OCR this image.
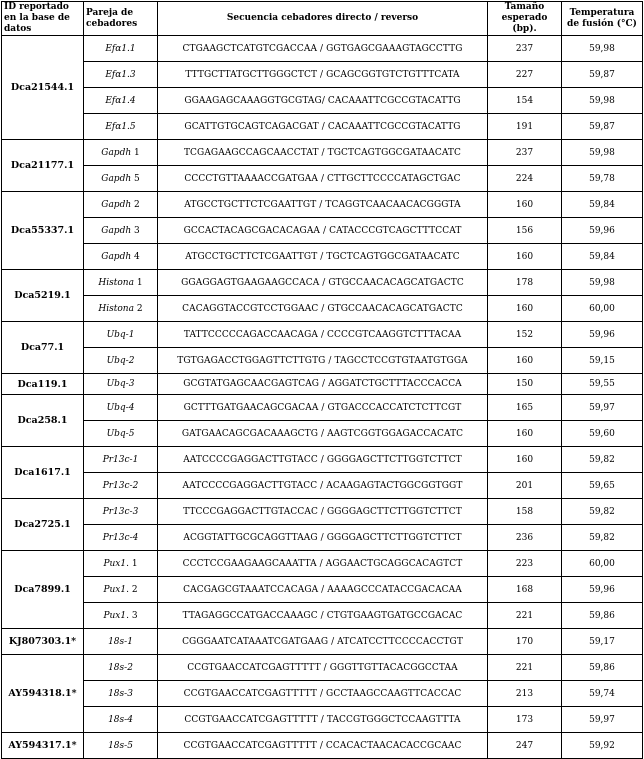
ID reportado en la base de datos	Pareja de cebadores	Secuencia cebadores directo / reverso	Tamaño esperado (bp).	Temperatura de fusión (°C)
Dca21544.1	Efα1.1	CTGAAGCTCATGTCGACCAA / GGTGAGCGAAAGTAGCCTTG	237	59,98
	Efα1.3	TTTGCTTATGCTTGGGCTCT / GCAGCGGTGTCTGTTTCATA	227	59,87
	Efα1.4	GGAAGAGCAAAGGTGCGTAG/ CACAAATTCGCCGTACATTG	154	59,98
	Efα1.5	GCATTGTGCAGTCAGACGAT / CACAAATTCGCCGTACATTG	191	59,87
Dca21177.1	Gapdh 1	TCGAGAAGCCAGCAACCTAT / TGCTCAGTGGCGATAACATC	237	59,98
	Gapdh 5	CCCCTGTTAAAACCGATGAA / CTTGCTTCCCCATAGCTGAC	224	59,78
Dca55337.1	Gapdh 2	ATGCCTGCTTCTCGAATTGT / TCAGGTCAACAACACGGGTA	160	59,84
	Gapdh 3	GCCACTACAGCGACACAGAA / CATACCCGTCAGCTTTCCAT	156	59,96
	Gapdh 4	ATGCCTGCTTCTCGAATTGT / TGCTCAGTGGCGATAACATC	160	59,84
Dca5219.1	Histona 1	GGAGGAGTGAAGAAGCCACA / GTGCCAACACAGCATGACTC	178	59,98
	Histona 2	CACAGGTACCGTCCTGGAAC / GTGCCAACACAGCATGACTC	160	60,00
Dca77.1	Ubq-1	TATTCCCCCAGACCAACAGA / CCCCGTCAAGGTCTTTACAA	152	59,96
	Ubq-2	TGTGAGACCTGGAGTTCTTGTG / TAGCCTCCGTGTAATGTGGA	160	59,15
Dca119.1	Ubq-3	GCGTATGAGCAACGAGTCAG / AGGATCTGCTTTACCCACCA	150	59,55
Dca258.1	Ubq-4	GCTTTGATGAACAGCGACAA / GTGACCCACCATCTCTTCGT	165	59,97
	Ubq-5	GATGAACAGCGACAAAGCTG / AAGTCGGTGGAGACCACATC	160	59,60
Dca1617.1	Pr13c-1	AATCCCCGAGGACTTGTACC / GGGGAGCTTCTTGGTCTTCT	160	59,82
	Pr13c-2	AATCCCCGAGGACTTGTACC / ACAAGAGTACTGGCGGTGGT	201	59,65
Dca2725.1	Pr13c-3	TTCCCGAGGACTTGTACCAC / GGGGAGCTTCTTGGTCTTCT	158	59,82
	Pr13c-4	ACGGTATTGCGCAGGTTAAG / GGGGAGCTTCTTGGTCTTCT	236	59,82
Dca7899.1	Pux1. 1	CCCTCCGAAGAAGCAAATTA / AGGAACTGCAGGCACAGTCT	223	60,00
	Pux1. 2	CACGAGCGTAAATCCACAGA / AAAAGCCCATACCGACACAA	168	59,96
	Pux1. 3	TTAGAGGCCATGACCAAAGC / CTGTGAAGTGATGCCGACAC	221	59,86
KJ807303.1*	18s-1	CGGGAATCATAAATCGATGAAG / ATCATCCTTCCCCACCTGT	170	59,17
AY594318.1*	18s-2	CCGTGAACCATCGAGTTTTT / GGGTTGTTACACGGCCTAA	221	59,86
	18s-3	CCGTGAACCATCGAGTTTTT / GCCTAAGCCAAGTTCACCAC	213	59,74
	18s-4	CCGTGAACCATCGAGTTTTT / TACCGTGGGCTCCAAGTTTA	173	59,97
AY594317.1*	18s-5	CCGTGAACCATCGAGTTTTT / CCACACTAACACACCGCAAC	247	59,92
